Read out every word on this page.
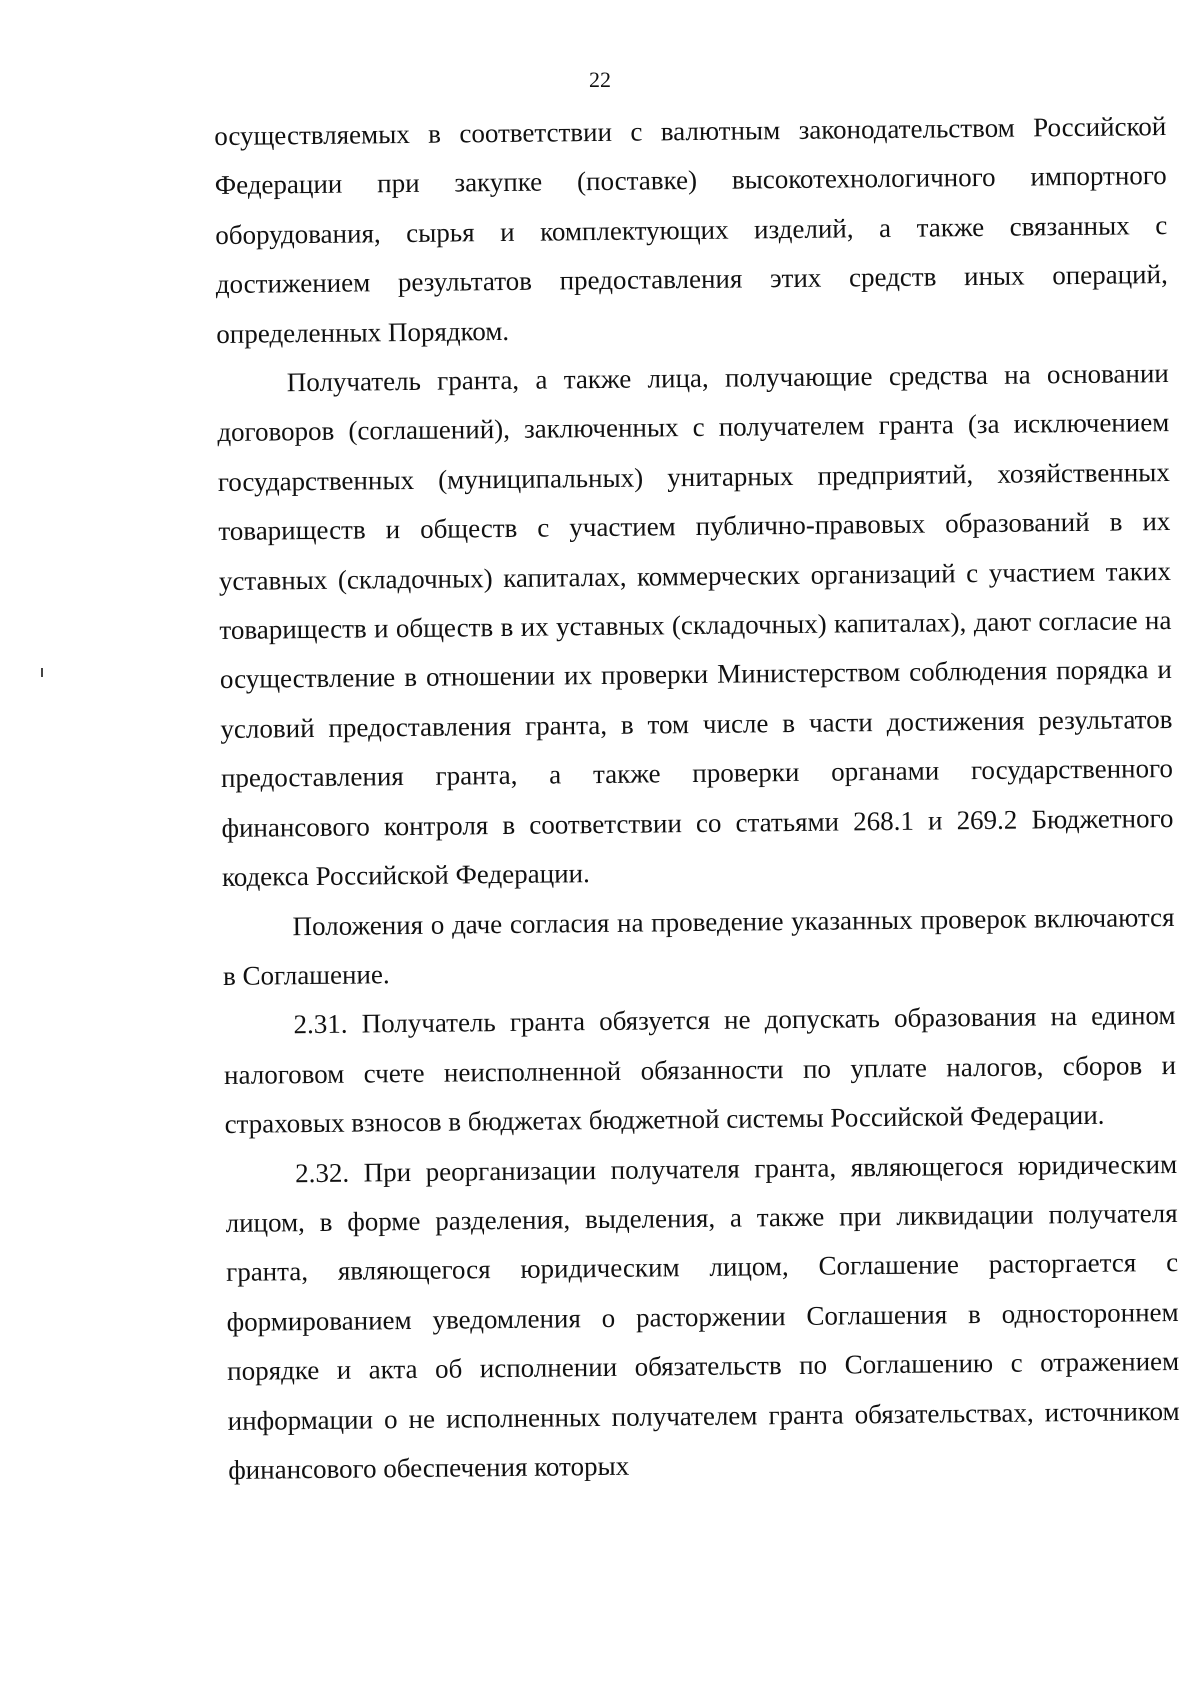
22

осуществляемых в соответствии с валютным законодательством Российской Федерации при закупке (поставке) высокотехнологичного импортного оборудования, сырья и комплектующих изделий, а также связанных с достижением результатов предоставления этих средств иных операций, определенных Порядком.

Получатель гранта, а также лица, получающие средства на основании договоров (соглашений), заключенных с получателем гранта (за исключением государственных (муниципальных) унитарных предприятий, хозяйственных товариществ и обществ с участием публично-правовых образований в их уставных (складочных) капиталах, коммерческих организаций с участием таких товариществ и обществ в их уставных (складочных) капиталах), дают согласие на осуществление в отношении их проверки Министерством соблюдения порядка и условий предоставления гранта, в том числе в части достижения результатов предоставления гранта, а также проверки органами государственного финансового контроля в соответствии со статьями 268.1 и 269.2 Бюджетного кодекса Российской Федерации.

Положения о даче согласия на проведение указанных проверок включаются в Соглашение.

2.31. Получатель гранта обязуется не допускать образования на едином налоговом счете неисполненной обязанности по уплате налогов, сборов и страховых взносов в бюджетах бюджетной системы Российской Федерации.

2.32. При реорганизации получателя гранта, являющегося юридическим лицом, в форме разделения, выделения, а также при ликвидации получателя гранта, являющегося юридическим лицом, Соглашение расторгается с формированием уведомления о расторжении Соглашения в одностороннем порядке и акта об исполнении обязательств по Соглашению с отражением информации о не исполненных получателем гранта обязательствах, источником финансового обеспечения которых
